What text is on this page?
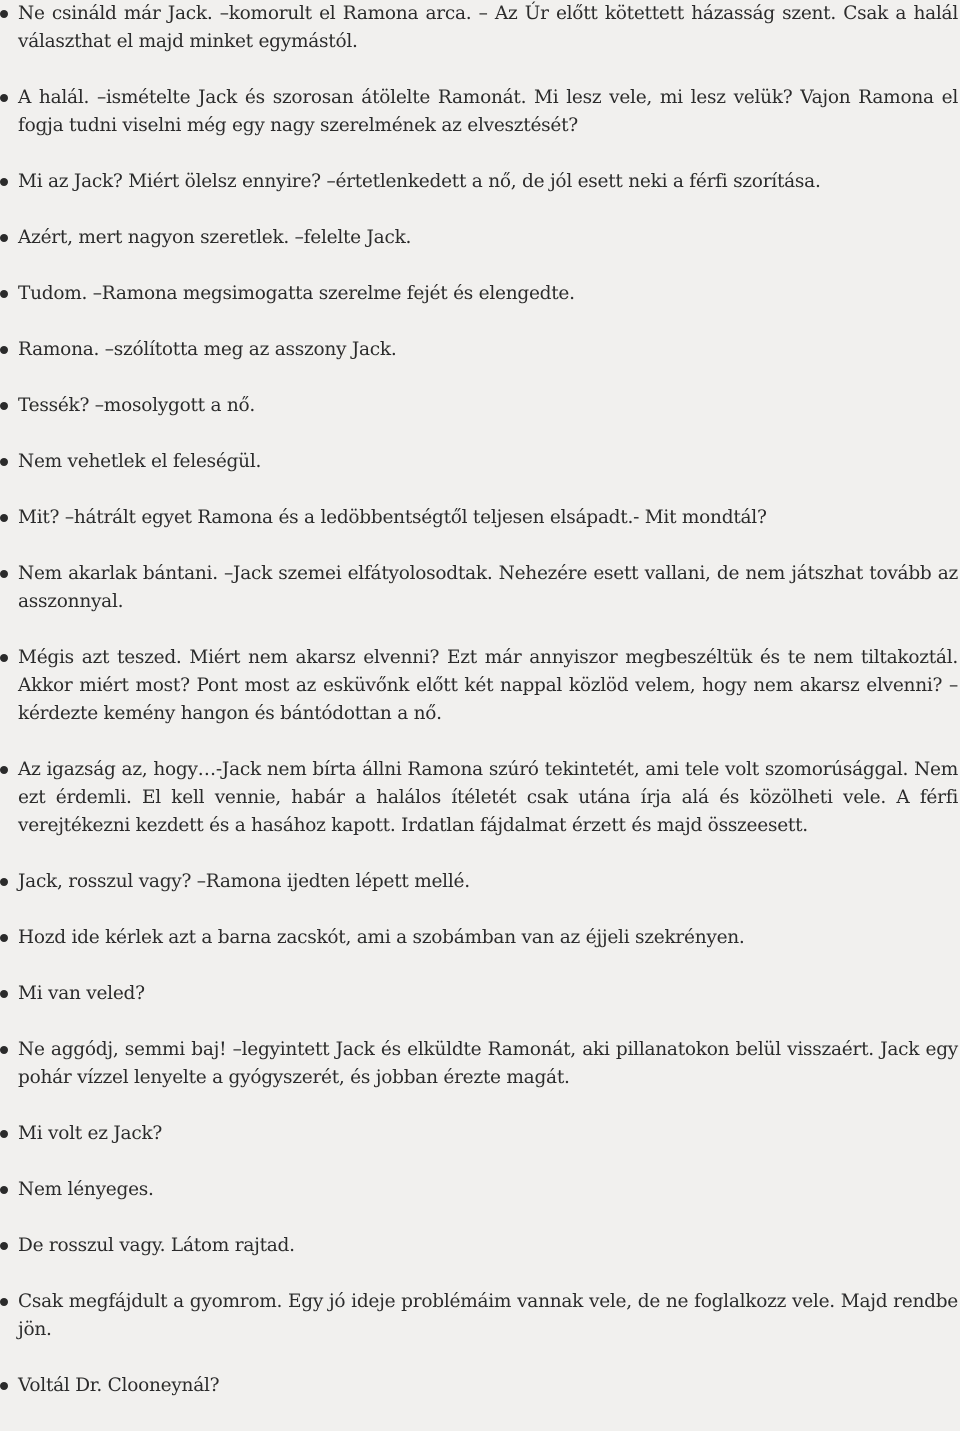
Ne csináld már Jack. –komorult el Ramona arca. – Az Úr előtt kötettett házasság szent. Csak a halál választhat el majd minket egymástól.
A halál. –ismételte Jack és szorosan átölelte Ramonát. Mi lesz vele, mi lesz velük? Vajon Ramona el fogja tudni viselni még egy nagy szerelmének az elvesztését?
Mi az Jack? Miért ölelsz ennyire? –értetlenkedett a nő, de jól esett neki a férfi szorítása.
Azért, mert nagyon szeretlek. –felelte Jack.
Tudom. –Ramona megsimogatta szerelme fejét és elengedte.
Ramona. –szólította meg az asszony Jack.
Tessék? –mosolygott a nő.
Nem vehetlek el feleségül.
Mit? –hátrált egyet Ramona és a ledöbbentségtől teljesen elsápadt.- Mit mondtál?
Nem akarlak bántani. –Jack szemei elfátyolosodtak. Nehezére esett vallani, de nem játszhat tovább az asszonnyal.
Mégis azt teszed. Miért nem akarsz elvenni? Ezt már annyiszor megbeszéltük és te nem tiltakoztál. Akkor miért most? Pont most az esküvőnk előtt két nappal közlöd velem, hogy nem akarsz elvenni? –kérdezte kemény hangon és bántódottan a nő.
Az igazság az, hogy…-Jack nem bírta állni Ramona szúró tekintetét, ami tele volt szomorúsággal. Nem ezt érdemli. El kell vennie, habár a halálos ítéletét csak utána írja alá és közölheti vele. A férfi verejtékezni kezdett és a hasához kapott. Irdatlan fájdalmat érzett és majd összeesett.
Jack, rosszul vagy? –Ramona ijedten lépett mellé.
Hozd ide kérlek azt a barna zacskót, ami a szobámban van az éjjeli szekrényen.
Mi van veled?
Ne aggódj, semmi baj! –legyintett Jack és elküldte Ramonát, aki pillanatokon belül visszaért. Jack egy pohár vízzel lenyelte a gyógyszerét, és jobban érezte magát.
Mi volt ez Jack?
Nem lényeges.
De rosszul vagy. Látom rajtad.
Csak megfájdult a gyomrom. Egy jó ideje problémáim vannak vele, de ne foglalkozz vele. Majd rendbe jön.
Voltál Dr. Clooneynál?
